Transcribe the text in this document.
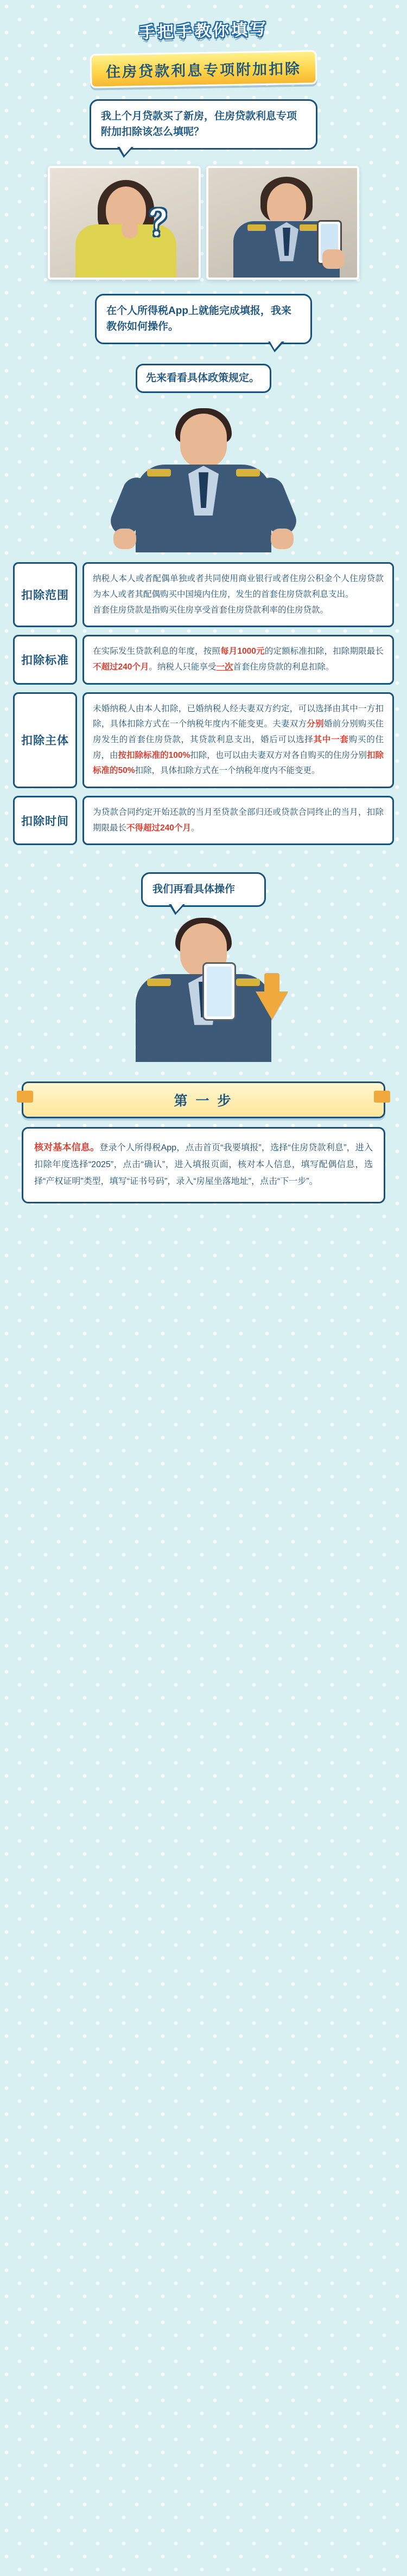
手把手教你填写
住房贷款利息专项附加扣除
我上个月贷款买了新房，住房贷款利息专项附加扣除该怎么填呢？
？
在个人所得税App上就能完成填报，我来教你如何操作。
先来看看具体政策规定。
扣除范围

纳税人本人或者配偶单独或者共同使用商业银行或者住房公积金个人住房贷款为本人或者其配偶购买中国境内住房，发生的首套住房贷款利息支出。

首套住房贷款是指购买住房享受首套住房贷款利率的住房贷款。

扣除标准
在实际发生贷款利息的年度，按照每月1000元的定额标准扣除，扣除期限最长不超过240个月。纳税人只能享受一次首套住房贷款的利息扣除。
扣除主体
未婚纳税人由本人扣除，已婚纳税人经夫妻双方约定，可以选择由其中一方扣除，具体扣除方式在一个纳税年度内不能变更。夫妻双方分别婚前分别购买住房发生的首套住房贷款，其贷款利息支出，婚后可以选择其中一套购买的住房，由按扣除标准的100%扣除，也可以由夫妻双方对各自购买的住房分别扣除标准的50%扣除，具体扣除方式在一个纳税年度内不能变更。
扣除时间
为贷款合同约定开始还款的当月至贷款全部归还或贷款合同终止的当月，扣除期限最长不得超过240个月。
我们再看具体操作
第 一 步
核对基本信息。登录个人所得税App，点击首页“我要填报”，选择“住房贷款利息”，进入扣除年度选择“2025”，点击“确认”，进入填报页面，核对本人信息，填写配偶信息，选择“产权证明”类型，填写“证书号码”，录入“房屋坐落地址”，点击“下一步”。
